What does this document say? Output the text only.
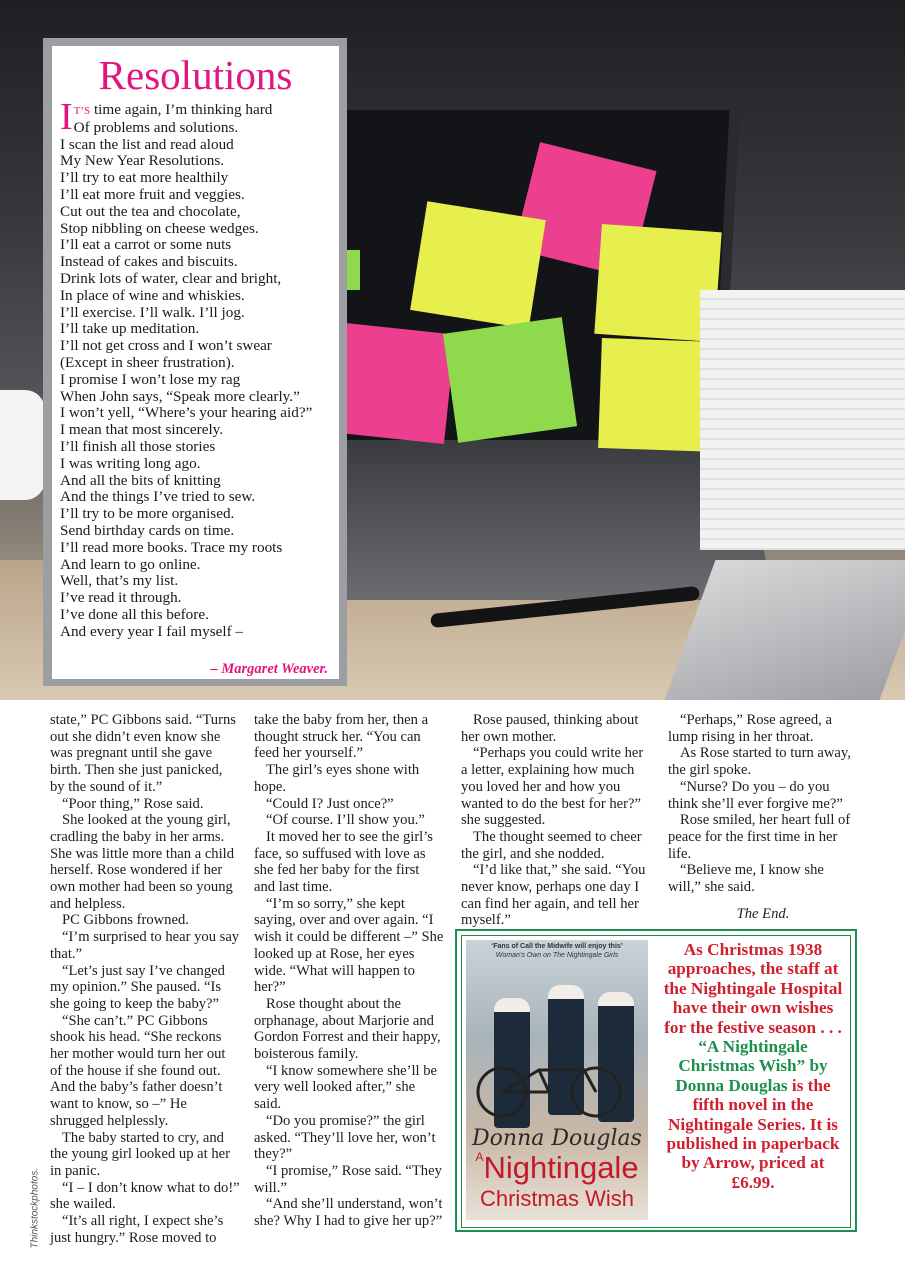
Resolutions
I T’S time again, I’m thinking hard
Of problems and solutions.
I scan the list and read aloud
My New Year Resolutions.
I’ll try to eat more healthily
I’ll eat more fruit and veggies.
Cut out the tea and chocolate,
Stop nibbling on cheese wedges.
I’ll eat a carrot or some nuts
Instead of cakes and biscuits.
Drink lots of water, clear and bright,
In place of wine and whiskies.
I’ll exercise. I’ll walk. I’ll jog.
I’ll take up meditation.
I’ll not get cross and I won’t swear
(Except in sheer frustration).
I promise I won’t lose my rag
When John says, “Speak more clearly.”
I won’t yell, “Where’s your hearing aid?”
I mean that most sincerely.
I’ll finish all those stories
I was writing long ago.
And all the bits of knitting
And the things I’ve tried to sew.
I’ll try to be more organised.
Send birthday cards on time.
I’ll read more books. Trace my roots
And learn to go online.
Well, that’s my list.
I’ve read it through.
I’ve done all this before.
And every year I fail myself –
– Margaret Weaver.

state,” PC Gibbons said. “Turns out she didn’t even know she was pregnant until she gave birth. Then she just panicked, by the sound of it.”

“Poor thing,” Rose said.

She looked at the young girl, cradling the baby in her arms. She was little more than a child herself. Rose wondered if her own mother had been so young and helpless.

PC Gibbons frowned.

“I’m surprised to hear you say that.”

“Let’s just say I’ve changed my opinion.” She paused. “Is she going to keep the baby?”

“She can’t.” PC Gibbons shook his head. “She reckons her mother would turn her out of the house if she found out. And the baby’s father doesn’t want to know, so –” He shrugged helplessly.

The baby started to cry, and the young girl looked up at her in panic.

“I – I don’t know what to do!” she wailed.

“It’s all right, I expect she’s just hungry.” Rose moved to

take the baby from her, then a thought struck her. “You can feed her yourself.”

The girl’s eyes shone with hope.

“Could I? Just once?”

“Of course. I’ll show you.”

It moved her to see the girl’s face, so suffused with love as she fed her baby for the first and last time.

“I’m so sorry,” she kept saying, over and over again. “I wish it could be different –” She looked up at Rose, her eyes wide. “What will happen to her?”

Rose thought about the orphanage, about Marjorie and Gordon Forrest and their happy, boisterous family.

“I know somewhere she’ll be very well looked after,” she said.

“Do you promise?” the girl asked. “They’ll love her, won’t they?”

“I promise,” Rose said. “They will.”

“And she’ll understand, won’t she? Why I had to give her up?”

Rose paused, thinking about her own mother.

“Perhaps you could write her a letter, explaining how much you loved her and how you wanted to do the best for her?” she suggested.

The thought seemed to cheer the girl, and she nodded.

“I’d like that,” she said. “You never know, perhaps one day I can find her again, and tell her myself.”

“Perhaps,” Rose agreed, a lump rising in her throat.

As Rose started to turn away, the girl spoke.

“Nurse? Do you – do you think she’ll ever forgive me?”

Rose smiled, her heart full of peace for the first time in her life.

“Believe me, I know she will,” she said.

The End.
Thinkstockphotos.
‘Fans of Call the Midwife will enjoy this’
Woman’s Own on The Nightingale Girls
Donna Douglas
$^A$Nightingale
Christmas Wish
As Christmas 1938 approaches, the staff at the Nightingale Hospital have their own wishes for the festive season . . . “A Nightingale Christmas Wish” by Donna Douglas is the fifth novel in the Nightingale Series. It is published in paperback by Arrow, priced at £6.99.
